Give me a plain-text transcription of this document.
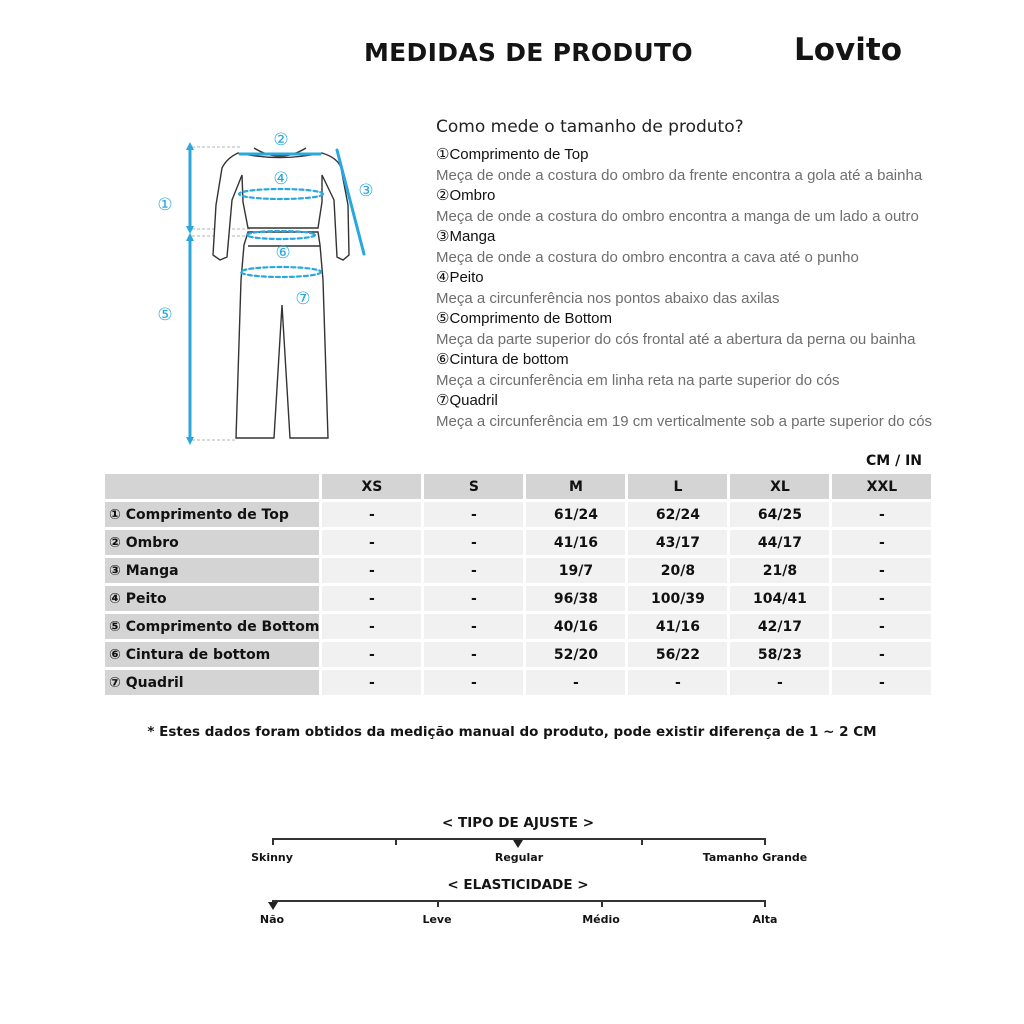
MEDIDAS DE PRODUTO	Lovito
①
②
③
④
⑤
⑥
⑦
Como mede o tamanho de produto?
①Comprimento de Top
Meça de onde a costura do ombro da frente encontra a gola até a bainha
②Ombro
Meça de onde a costura do ombro encontra a manga de um lado a outro
③Manga
Meça de onde a costura do ombro encontra a cava até o punho
④Peito
Meça a circunferência nos pontos abaixo das axilas
⑤Comprimento de Bottom
Meça da parte superior do cós frontal até a abertura da perna ou bainha
⑥Cintura de bottom
Meça a circunferência em linha reta na parte superior do cós
⑦Quadril
Meça a circunferência em 19 cm verticalmente sob a parte superior do cós
CM / IN
	XS	S	M	L	XL	XXL
① Comprimento de Top	-	-	61/24	62/24	64/25	-
② Ombro	-	-	41/16	43/17	44/17	-
③ Manga	-	-	19/7	20/8	21/8	-
④ Peito	-	-	96/38	100/39	104/41	-
⑤ Comprimento de Bottom	-	-	40/16	41/16	42/17	-
⑥ Cintura de bottom	-	-	52/20	56/22	58/23	-
⑦ Quadril	-	-	-	-	-	-
* Estes dados foram obtidos da medição manual do produto, pode existir diferença de 1 ~ 2 CM
< TIPO DE AJUSTE >
Skinny	Regular	Tamanho Grande
< ELASTICIDADE >
Não	Leve	Médio	Alta
